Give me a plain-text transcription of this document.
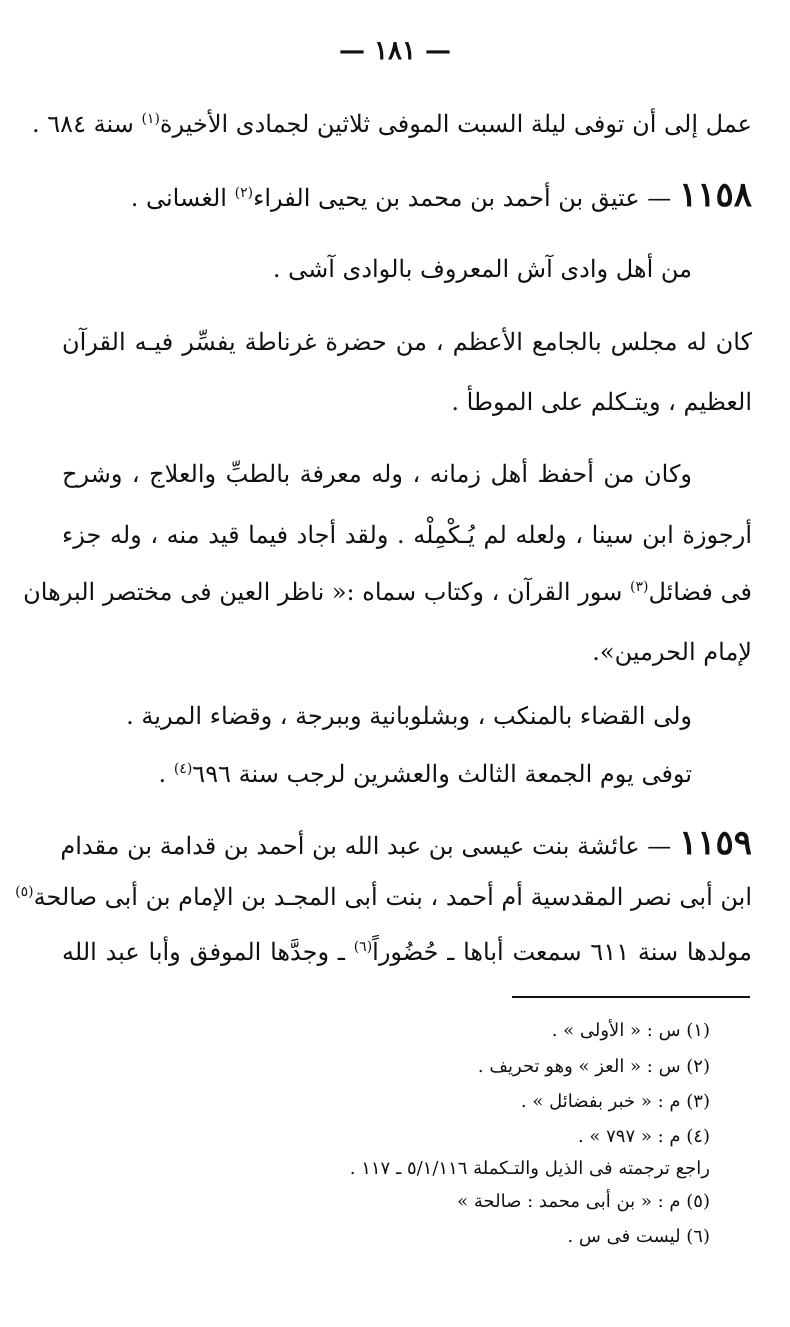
— ١٨١ —
عمل إلى أن توفى ليلة السبت الموفى ثلاثين لجمادى الأخيرة$^{(١)}$ سنة ٦٨٤ .
١١٥٨ — عتيق بن أحمد بن محمد بن يحيى الفراء$^{(٢)}$ الغسانى .
من أهل وادى آش المعروف بالوادى آشى .
كان له مجلس بالجامع الأعظم ، من حضرة غرناطة يفسِّر فيـه القرآن
العظيم ، ويتـكلم على الموطأ .
وكان من أحفظ أهل زمانه ، وله معرفة بالطبِّ والعلاج ، وشرح
أرجوزة ابن سينا ، ولعله لم يُـكْمِلْه . ولقد أجاد فيما قيد منه ، وله جزء
فى فضائل$^{(٣)}$ سور القرآن ، وكتاب سماه :« ناظر العين فى مختصر البرهان
لإمام الحرمين».
ولى القضاء بالمنكب ، وبشلوبانية وببرجة ، وقضاء المرية .
توفى يوم الجمعة الثالث والعشرين لرجب سنة ٦٩٦$^{(٤)}$ .
١١٥٩ — عائشة بنت عيسى بن عبد الله بن أحمد بن قدامة بن مقدام
ابن أبى نصر المقدسية أم أحمد ، بنت أبى المجـد بن الإمام بن أبى صالحة$^{(٥)}$
مولدها سنة ٦١١ سمعت أباها ـ حُضُوراً$^{(٦)}$ ـ وجدَّها الموفق وأبا عبد الله
(١) س : « الأولى » .
(٢) س : « العز » وهو تحريف .
(٣) م : « خبر بفضائل » .
(٤) م : « ٧٩٧ » .
راجع ترجمته فى الذيل والتـكملة ٥/١/١١٦ ـ ١١٧ .
(٥) م : « بن أبى محمد : صالحة »
(٦) ليست فى س .
